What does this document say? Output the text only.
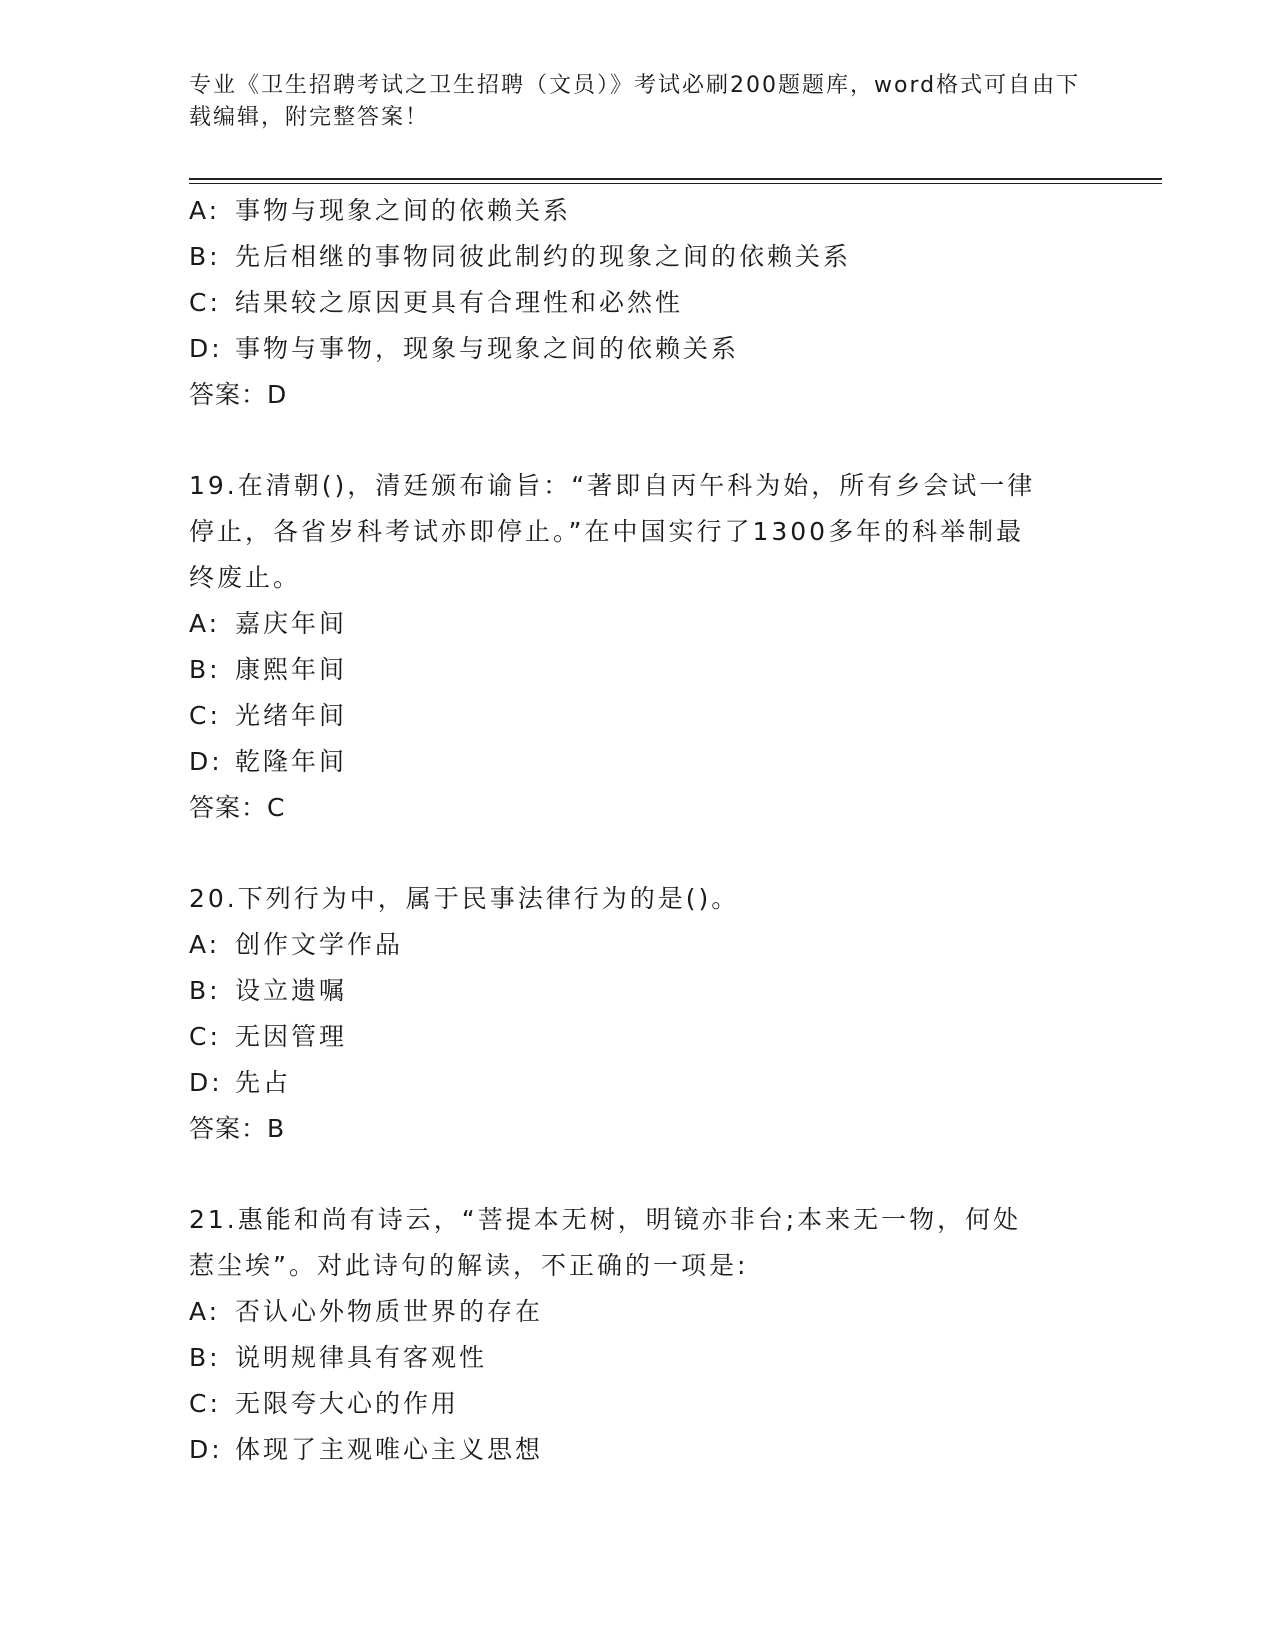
专业《卫生招聘考试之卫生招聘（文员）》考试必刷200题题库，word格式可自由下载编辑，附完整答案！
A: 事物与现象之间的依赖关系
B: 先后相继的事物同彼此制约的现象之间的依赖关系
C: 结果较之原因更具有合理性和必然性
D: 事物与事物，现象与现象之间的依赖关系
答案：D
19.在清朝()，清廷颁布谕旨：“著即自丙午科为始，所有乡会试一律
停止，各省岁科考试亦即停止。”在中国实行了1300多年的科举制最
终废止。
A: 嘉庆年间
B: 康熙年间
C: 光绪年间
D: 乾隆年间
答案：C
20.下列行为中，属于民事法律行为的是()。
A: 创作文学作品
B: 设立遗嘱
C: 无因管理
D: 先占
答案：B
21.惠能和尚有诗云，“菩提本无树，明镜亦非台;本来无一物，何处
惹尘埃”。对此诗句的解读，不正确的一项是:
A: 否认心外物质世界的存在
B: 说明规律具有客观性
C: 无限夸大心的作用
D: 体现了主观唯心主义思想
